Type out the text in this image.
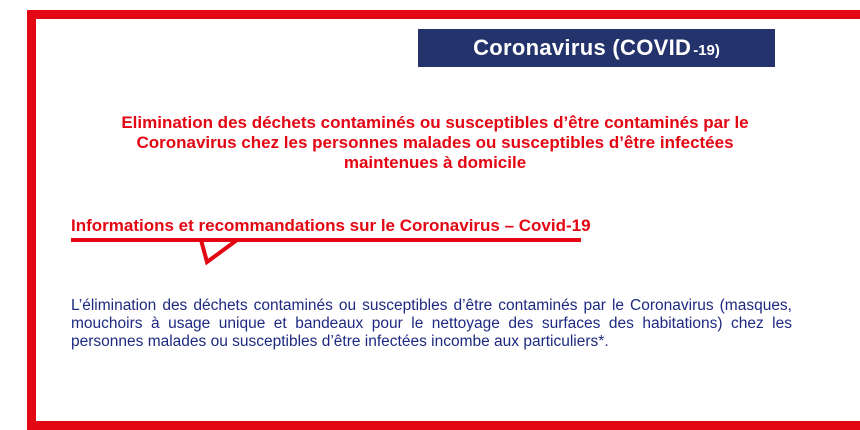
Coronavirus (COVID -19)
Elimination des déchets contaminés ou susceptibles d’être contaminés par le
Coronavirus chez les personnes malades ou susceptibles d’être infectées
maintenues à domicile
Informations et recommandations sur le Coronavirus – Covid-19
L’élimination des déchets contaminés ou susceptibles d’être contaminés par le Coronavirus (masques, mouchoirs à usage unique et bandeaux pour le nettoyage des surfaces des habitations) chez les personnes malades ou susceptibles d’être infectées incombe aux particuliers*.
